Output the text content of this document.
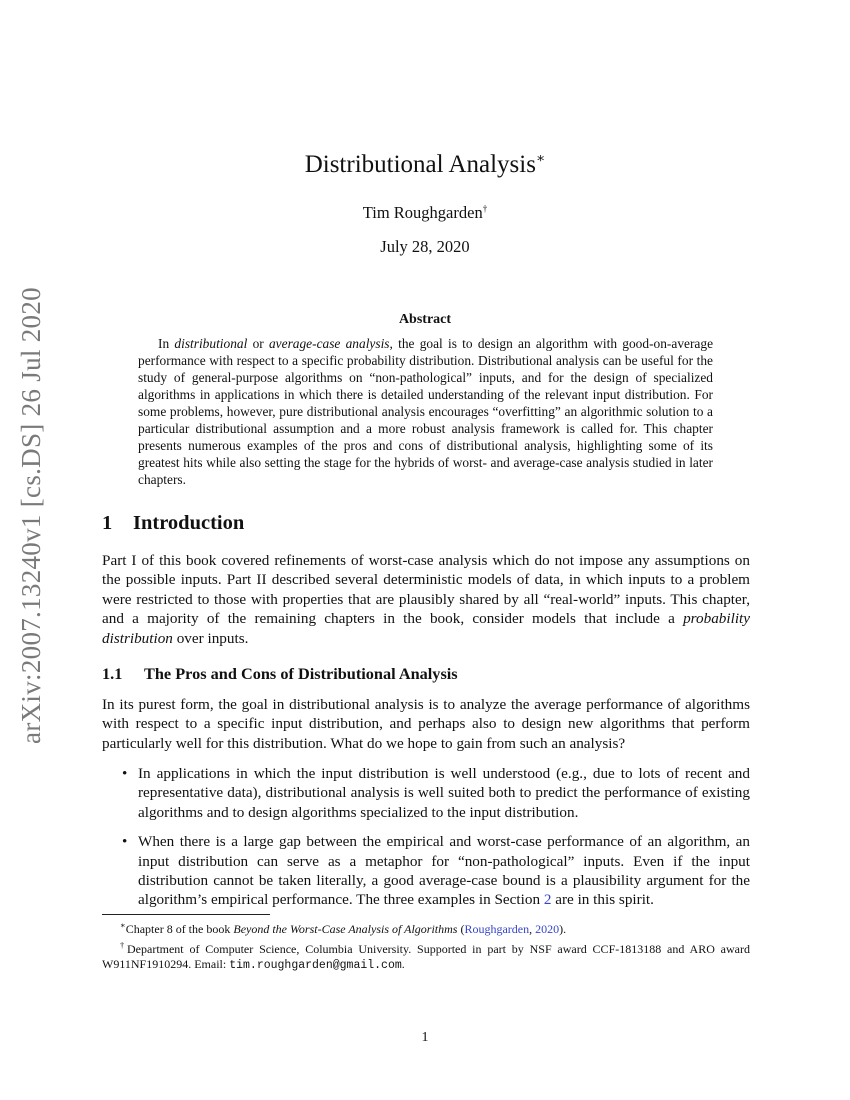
arXiv:2007.13240v1 [cs.DS] 26 Jul 2020
Distributional Analysis∗
Tim Roughgarden†
July 28, 2020
Abstract
In distributional or average-case analysis, the goal is to design an algorithm with good-on-average performance with respect to a specific probability distribution. Distributional analysis can be useful for the study of general-purpose algorithms on “non-pathological” inputs, and for the design of specialized algorithms in applications in which there is detailed understanding of the relevant input distribution. For some problems, however, pure distributional analysis encourages “overfitting” an algorithmic solution to a particular distributional assumption and a more robust analysis framework is called for. This chapter presents numerous examples of the pros and cons of distributional analysis, highlighting some of its greatest hits while also setting the stage for the hybrids of worst- and average-case analysis studied in later chapters.
1 Introduction
Part I of this book covered refinements of worst-case analysis which do not impose any assumptions on the possible inputs. Part II described several deterministic models of data, in which inputs to a problem were restricted to those with properties that are plausibly shared by all “real-world” inputs. This chapter, and a majority of the remaining chapters in the book, consider models that include a probability distribution over inputs.
1.1 The Pros and Cons of Distributional Analysis
In its purest form, the goal in distributional analysis is to analyze the average performance of algorithms with respect to a specific input distribution, and perhaps also to design new algorithms that perform particularly well for this distribution. What do we hope to gain from such an analysis?
• In applications in which the input distribution is well understood (e.g., due to lots of recent and representative data), distributional analysis is well suited both to predict the performance of existing algorithms and to design algorithms specialized to the input distribution.
• When there is a large gap between the empirical and worst-case performance of an algorithm, an input distribution can serve as a metaphor for “non-pathological” inputs. Even if the input distribution cannot be taken literally, a good average-case bound is a plausibility argument for the algorithm’s empirical performance. The three examples in Section 2 are in this spirit.
∗Chapter 8 of the book Beyond the Worst-Case Analysis of Algorithms (Roughgarden, 2020).
†Department of Computer Science, Columbia University. Supported in part by NSF award CCF-1813188 and ARO award W911NF1910294. Email: tim.roughgarden@gmail.com.
1
